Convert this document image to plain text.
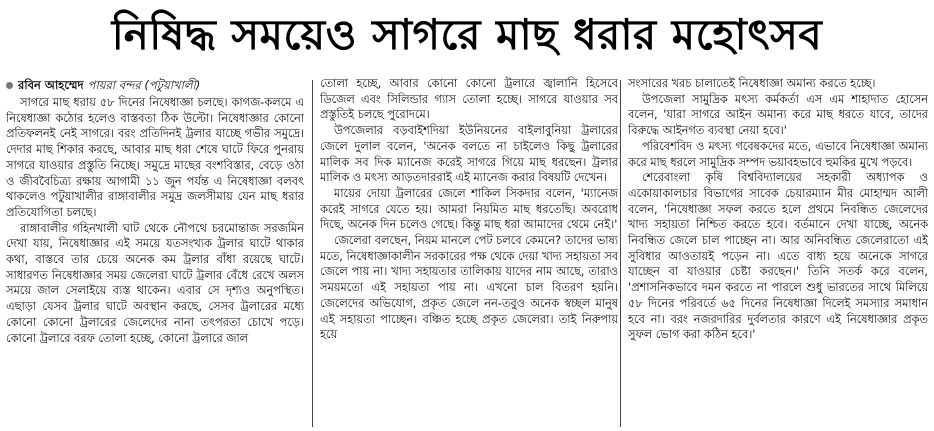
নিষিদ্ধ সময়েও সাগরে মাছ ধরার মহোৎসব
রবিন আহম্মেদ পায়রা বন্দর (পটুয়াখালী)

সাগরে মাছ ধরায় ৫৮ দিনের নিষেধাজ্ঞা চলছে। কাগজ-কলমে এ নিষেধাজ্ঞা কঠোর হলেও বাস্তবতা ঠিক উল্টো। নিষেধাজ্ঞার কোনো প্রতিফলনই নেই সাগরে। বরং প্রতিদিনই ট্রলার যাচ্ছে গভীর সমুদ্রে। দেদার মাছ শিকার করছে, আবার মাছ ধরা শেষে ঘাটে ফিরে পুনরায় সাগরে যাওয়ার প্রস্তুতি নিচ্ছে। সমুদ্রে মাছের বংশবিস্তার, বেড়ে ওঠা ও জীববৈচিত্র্য রক্ষায় আগামী ১১ জুন পর্যন্ত এ নিষেধাজ্ঞা বলবৎ থাকলেও পটুয়াখালীর রাঙ্গাবালীর সমুদ্র জলসীমায় যেন মাছ ধরার প্রতিযোগিতা চলছে।

রাঙ্গাবালীর গহিনখালী ঘাট থেকে নৌপথে চরমোন্তাজ সরজমিন দেখা যায়, নিষেধাজ্ঞার এই সময়ে যতসংখ্যক ট্রলার ঘাটে থাকার কথা, বাস্তবে তার চেয়ে অনেক কম ট্রলার বাঁধা রয়েছে ঘাটে। সাধারণত নিষেধাজ্ঞার সময় জেলেরা ঘাটে ট্রলার বেঁধে রেখে অলস সময়ে জাল সেলাইয়ে ব্যস্ত থাকেন। এবার সে দৃশ্যও অনুপস্থিত। এছাড়া যেসব ট্রলার ঘাটে অবস্থান করছে, সেসব ট্রলারের মধ্যে কোনো কোনো ট্রলারের জেলেদের নানা তৎপরতা চোখে পড়ে। কোনো ট্রলারে বরফ তোলা হচ্ছে, কোনো ট্রলারে জাল

তোলা হচ্ছে, আবার কোনো কোনো ট্রলারে জ্বালানি হিসেবে ডিজেল এবং সিলিন্ডার গ্যাস তোলা হচ্ছে। সাগরে যাওয়ার সব প্রস্তুতিই চলছে পুরোদমে।

উপজেলার বড়বাইশদিয়া ইউনিয়নের বাইলাবুনিয়া ট্রলারের জেলে দুলাল বলেন, 'অনেক বলতে না চাইলেও কিছু ট্রলারের মালিক সব দিক ম্যানেজ করেই সাগরে গিয়ে মাছ ধরছেন। ট্রলার মালিক ও মৎস্য আড়তদাররাই এই ম্যানেজ করার বিষয়টি দেখেন।

মায়ের দোয়া ট্রলারের জেলে শাকিল সিকদার বলেন, 'ম্যানেজ করেই সাগরে যেতে হয়। আমরা নিয়মিত মাছ ধরতেছি। অবরোধ দিছে, অনেক দিন চলেও গেছে। কিন্তু মাছ ধরা আমাদের থেমে নেই।'

জেলেরা বলছেন, নিয়ম মানলে পেট চলবে কেমনে? তাদের ভাষ্য মতে, নিষেধাজ্ঞাকালীন সরকারের পক্ষ থেকে দেয়া খাদ্য সহায়তা সব জেলে পায় না। খাদ্য সহায়তার তালিকায় যাদের নাম আছে, তারাও সময়মতো এই সহায়তা পায় না। এখনো চাল বিতরণ হয়নি। জেলেদের অভিযোগ, প্রকৃত জেলে নন-তবুও অনেক স্বচ্ছল মানুষ এই সহায়তা পাচ্ছেন। বঞ্চিত হচ্ছে প্রকৃত জেলেরা। তাই নিরুপায় হয়ে

সংসারের খরচ চালাতেই নিষেধাজ্ঞা অমান্য করতে হচ্ছে।

উপজেলা সামুদ্রিক মৎস্য কর্মকর্তা এস এম শাহাদাত হোসেন বলেন, 'যারা সাগরে আইন অমান্য করে মাছ ধরতে যাবে, তাদের বিরুদ্ধে আইনগত ব্যবস্থা নেয়া হবে।'

পরিবেশবিদ ও মৎস্য গবেষকদের মতে, এভাবে নিষেধাজ্ঞা অমান্য করে মাছ ধরলে সামুদ্রিক সম্পদ ভয়াবহভাবে হুমকির মুখে পড়বে।

শেরেবাংলা কৃষি বিশ্ববিদ্যালয়ের সহকারী অধ্যাপক ও একোয়াকালচার বিভাগের সাবেক চেয়ারম্যান মীর মোহাম্মদ আলী বলেন, 'নিষেধাজ্ঞা সফল করতে হলে প্রথমে নিবন্ধিত জেলেদের খাদ্য সহায়তা নিশ্চিত করতে হবে। বর্তমানে দেখা যাচ্ছে, অনেক নিবন্ধিত জেলে চাল পাচ্ছেন না। আর অনিবন্ধিত জেলেরাতো এই সুবিধার আওতায়ই পড়েন না। এতে বাধ্য হয়ে অনেকে সাগরে যাচ্ছেন বা যাওয়ার চেষ্টা করছেন।' তিনি সতর্ক করে বলেন, 'প্রশাসনিকভাবে দমন করতে না পারলে শুধু ভারতের সাথে মিলিয়ে ৫৮ দিনের পরিবর্তে ৬৫ দিনের নিষেধাজ্ঞা দিলেই সমস্যার সমাধান হবে না। বরং নজরদারির দুর্বলতার কারণে এই নিষেধাজ্ঞার প্রকৃত সুফল ভোগ করা কঠিন হবে।'
